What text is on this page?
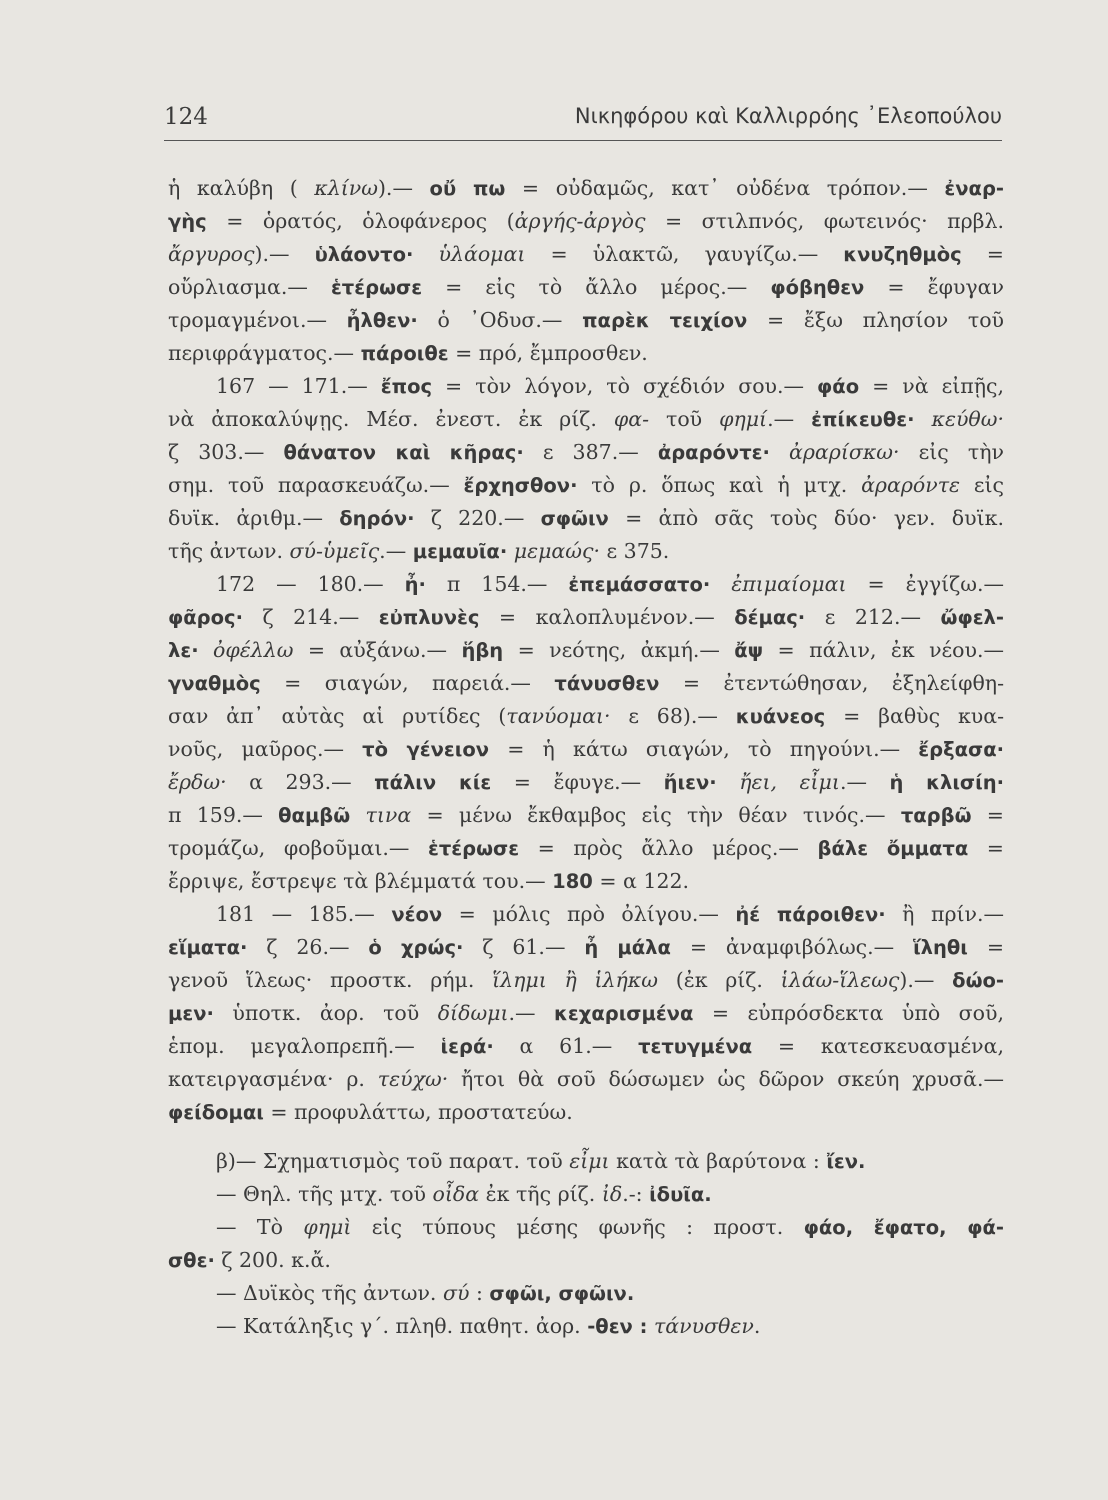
124	Νικηφόρου καὶ Καλλιρρόης ᾿Ελεοπούλου
ἡ καλύβη ( κλίνω).— οὔ πω = οὐδαμῶς, κατ᾿ οὐδένα τρόπον.— ἐναρ-
γὴς = ὁρατός, ὁλοφάνερος (ἀργής-ἀργὸς = στιλπνός, φωτεινός· πρβλ.
ἄργυρος).— ὑλάοντο· ὑλάομαι = ὑλακτῶ, γαυγίζω.— κνυζηθμὸς =
οὔρλιασμα.— ἑτέρωσε = εἰς τὸ ἄλλο μέρος.— φόβηθεν = ἔφυγαν
τρομαγμένοι.— ἦλθεν· ὁ ᾿Οδυσ.— παρὲκ τειχίον = ἔξω πλησίον τοῦ
περιφράγματος.— πάροιθε = πρό, ἔμπροσθεν.
167 — 171.— ἔπος = τὸν λόγον, τὸ σχέδιόν σου.— φάο = νὰ εἰπῇς,
νὰ ἀποκαλύψῃς. Μέσ. ἐνεστ. ἐκ ρίζ. φα- τοῦ φημί.— ἐπίκευθε· κεύθω·
ζ 303.— θάνατον καὶ κῆρας· ε 387.— ἀραρόντε· ἀραρίσκω· εἰς τὴν
σημ. τοῦ παρασκευάζω.— ἔρχησθον· τὸ ρ. ὅπως καὶ ἡ μτχ. ἀραρόντε εἰς
δυϊκ. ἀριθμ.— δηρόν· ζ 220.— σφῶιν = ἀπὸ σᾶς τοὺς δύο· γεν. δυϊκ.
τῆς ἀντων. σύ-ὑμεῖς.— μεμαυῖα· μεμαώς· ε 375.
172 — 180.— ἦ· π 154.— ἐπεμάσσατο· ἐπιμαίομαι = ἐγγίζω.—
φᾶρος· ζ 214.— εὐπλυνὲς = καλοπλυμένον.— δέμας· ε 212.— ὤφελ-
λε· ὀφέλλω = αὐξάνω.— ἥβη = νεότης, ἀκμή.— ἄψ = πάλιν, ἐκ νέου.—
γναθμὸς = σιαγών, παρειά.— τάνυσθεν = ἐτεντώθησαν, ἐξηλείφθη-
σαν ἀπ᾿ αὐτὰς αἱ ρυτίδες (τανύομαι· ε 68).— κυάνεος = βαθὺς κυα-
νοῦς, μαῦρος.— τὸ γένειον = ἡ κάτω σιαγών, τὸ πηγούνι.— ἔρξασα·
ἔρδω· α 293.— πάλιν κίε = ἔφυγε.— ἤιεν· ἤει, εἶμι.— ἡ κλισίη·
π 159.— θαμβῶ τινα = μένω ἔκθαμβος εἰς τὴν θέαν τινός.— ταρβῶ =
τρομάζω, φοβοῦμαι.— ἑτέρωσε = πρὸς ἄλλο μέρος.— βάλε ὄμματα =
ἔρριψε, ἔστρεψε τὰ βλέμματά του.— 180 = α 122.
181 — 185.— νέον = μόλις πρὸ ὀλίγου.— ἠέ πάροιθεν· ἢ πρίν.—
εἵματα· ζ 26.— ὁ χρώς· ζ 61.— ἦ μάλα = ἀναμφιβόλως.— ἵληθι =
γενοῦ ἵλεως· προστκ. ρήμ. ἵλημι ἢ ἱλήκω (ἐκ ρίζ. ἱλάω-ἵλεως).— δώο-
μεν· ὑποτκ. ἀορ. τοῦ δίδωμι.— κεχαρισμένα = εὐπρόσδεκτα ὑπὸ σοῦ,
ἑπομ. μεγαλοπρεπῆ.— ἱερά· α 61.— τετυγμένα = κατεσκευασμένα,
κατειργασμένα· ρ. τεύχω· ἤτοι θὰ σοῦ δώσωμεν ὡς δῶρον σκεύη χρυσᾶ.—
φείδομαι = προφυλάττω, προστατεύω.
β)— Σχηματισμὸς τοῦ παρατ. τοῦ εἶμι κατὰ τὰ βαρύτονα : ἴεν.
— Θηλ. τῆς μτχ. τοῦ οἶδα ἐκ τῆς ρίζ. ἰδ.-: ἰδυῖα.
— Τὸ φημὶ εἰς τύπους μέσης φωνῆς : προστ. φάο, ἔφατο, φά-
σθε· ζ 200. κ.ἄ.
— Δυϊκὸς τῆς ἀντων. σύ : σφῶι, σφῶιν.
— Κατάληξις γ΄. πληθ. παθητ. ἀορ. -θεν : τάνυσθεν.
